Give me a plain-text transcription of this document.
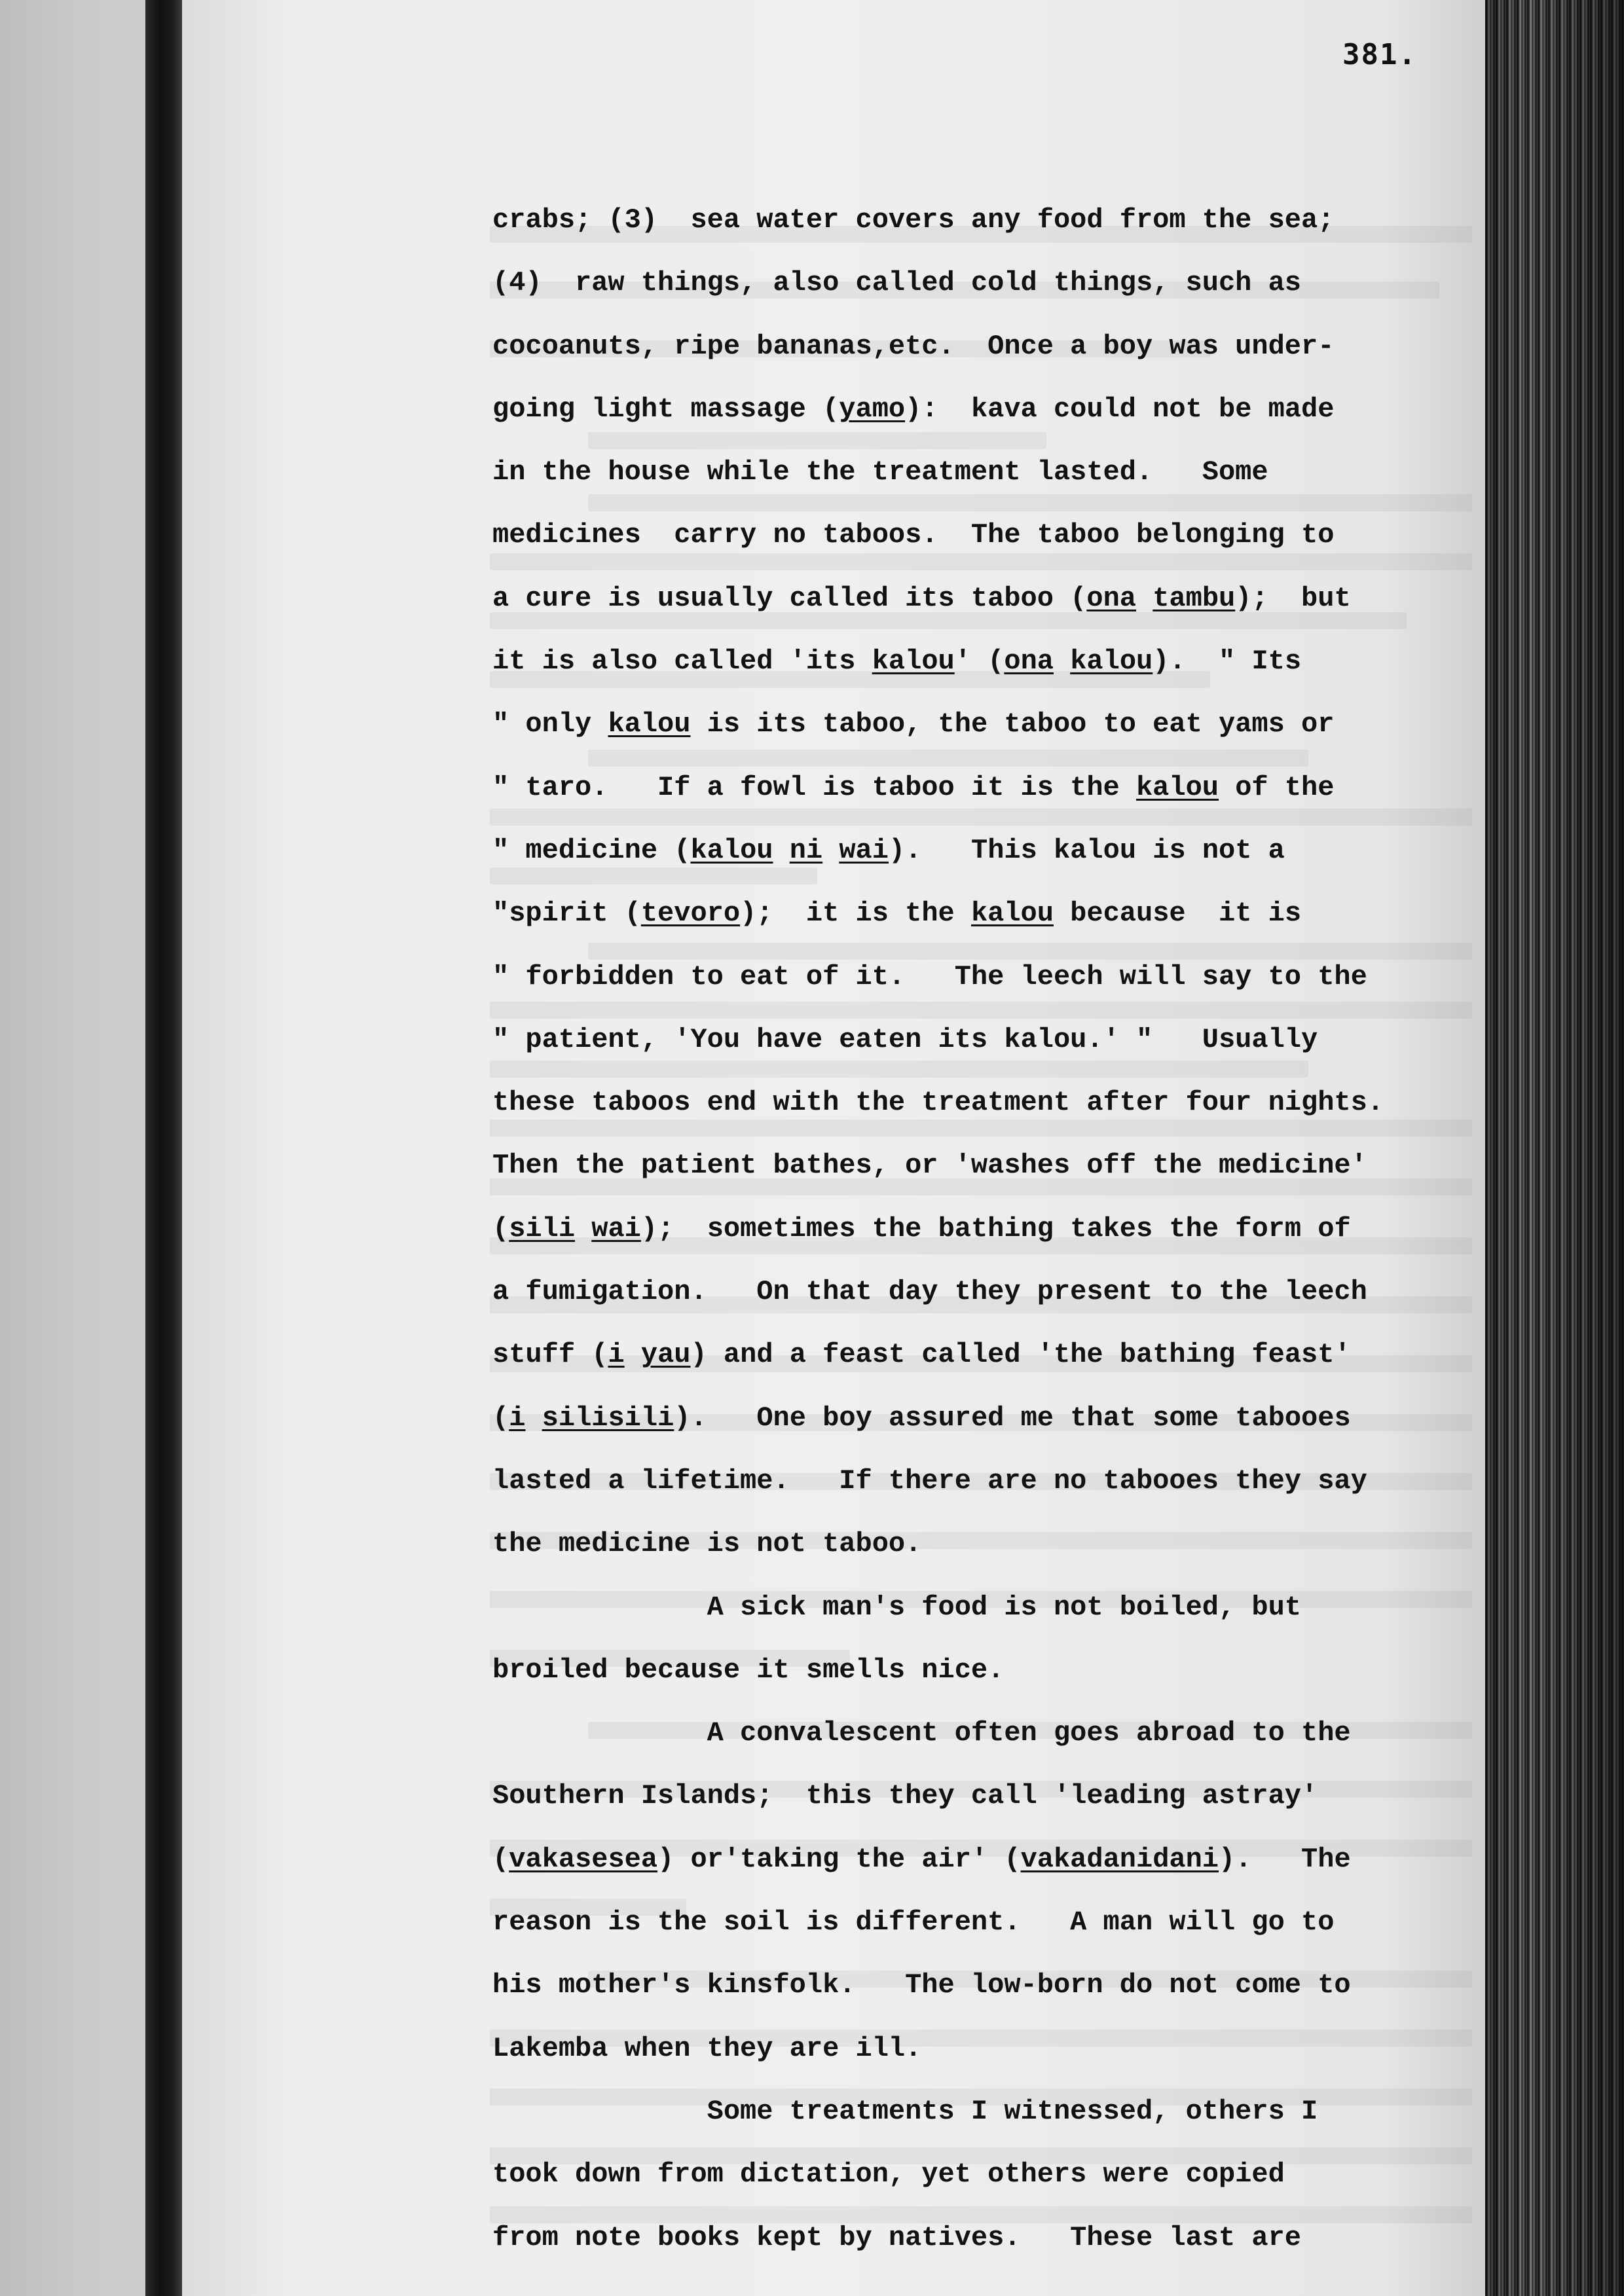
381.
crabs; (3)  sea water covers any food from the sea;
(4)  raw things, also called cold things, such as
cocoanuts, ripe bananas,etc.  Once a boy was under-
going light massage (yamo):  kava could not be made
in the house while the treatment lasted.   Some
medicines  carry no taboos.  The taboo belonging to
a cure is usually called its taboo (ona tambu);  but
it is also called 'its kalou' (ona kalou).  " Its
" only kalou is its taboo, the taboo to eat yams or
" taro.   If a fowl is taboo it is the kalou of the
" medicine (kalou ni wai).   This kalou is not a
"spirit (tevoro);  it is the kalou because  it is
" forbidden to eat of it.   The leech will say to the
" patient, 'You have eaten its kalou.' "   Usually
these taboos end with the treatment after four nights.
Then the patient bathes, or 'washes off the medicine'
(sili wai);  sometimes the bathing takes the form of
a fumigation.   On that day they present to the leech
stuff (i yau) and a feast called 'the bathing feast'
(i silisili).   One boy assured me that some tabooes
lasted a lifetime.   If there are no tabooes they say
the medicine is not taboo.
A sick man's food is not boiled, but
broiled because it smells nice.
A convalescent often goes abroad to the
Southern Islands;  this they call 'leading astray'
(vakasesea) or'taking the air' (vakadanidani).   The
reason is the soil is different.   A man will go to
his mother's kinsfolk.   The low-born do not come to
Lakemba when they are ill.
Some treatments I witnessed, others I
took down from dictation, yet others were copied
from note books kept by natives.   These last are
